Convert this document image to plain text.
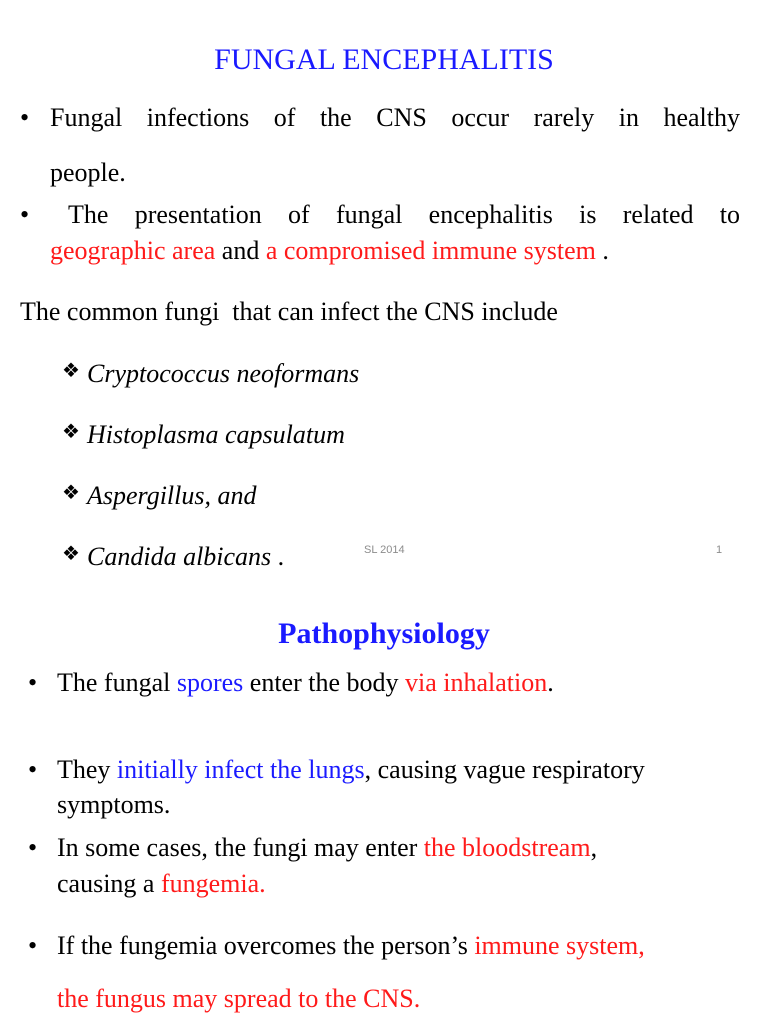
FUNGAL ENCEPHALITIS
• Fungal infections of the CNS occur rarely in healthy
people.
• The presentation of fungal encephalitis is related to
geographic area and a compromised immune system .
The common fungi  that can infect the CNS include
❖ Cryptococcus neoformans
❖ Histoplasma capsulatum
❖ Aspergillus, and
❖ Candida albicans .	SL 2014	1
Pathophysiology
• The fungal spores enter the body via inhalation.
• They initially infect the lungs, causing vague respiratory
symptoms.
• In some cases, the fungi may enter the bloodstream,
causing a fungemia.
• If the fungemia overcomes the person’s immune system,
the fungus may spread to the CNS.
